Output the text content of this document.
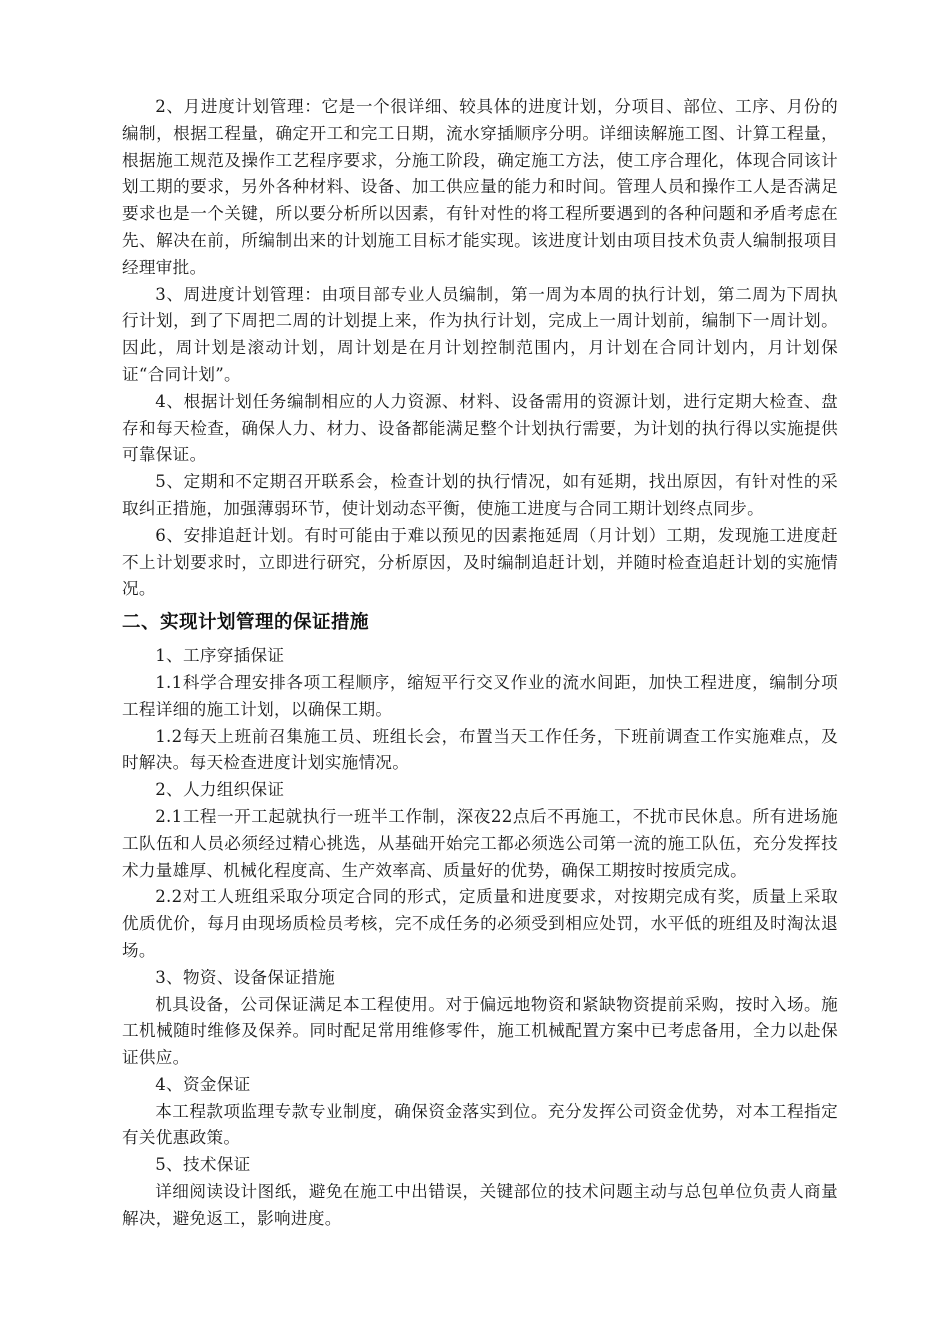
2、月进度计划管理：它是一个很详细、较具体的进度计划，分项目、部位、工序、月份的编制，根据工程量，确定开工和完工日期，流水穿插顺序分明。详细读解施工图、计算工程量，根据施工规范及操作工艺程序要求，分施工阶段，确定施工方法，使工序合理化，体现合同该计划工期的要求，另外各种材料、设备、加工供应量的能力和时间。管理人员和操作工人是否满足要求也是一个关键，所以要分析所以因素，有针对性的将工程所要遇到的各种问题和矛盾考虑在先、解决在前，所编制出来的计划施工目标才能实现。该进度计划由项目技术负责人编制报项目经理审批。

3、周进度计划管理：由项目部专业人员编制，第一周为本周的执行计划，第二周为下周执行计划，到了下周把二周的计划提上来，作为执行计划，完成上一周计划前，编制下一周计划。因此，周计划是滚动计划，周计划是在月计划控制范围内，月计划在合同计划内，月计划保证“合同计划”。

4、根据计划任务编制相应的人力资源、材料、设备需用的资源计划，进行定期大检查、盘存和每天检查，确保人力、材力、设备都能满足整个计划执行需要，为计划的执行得以实施提供可靠保证。

5、定期和不定期召开联系会，检查计划的执行情况，如有延期，找出原因，有针对性的采取纠正措施，加强薄弱环节，使计划动态平衡，使施工进度与合同工期计划终点同步。

6、安排追赶计划。有时可能由于难以预见的因素拖延周（月计划）工期，发现施工进度赶不上计划要求时，立即进行研究，分析原因，及时编制追赶计划，并随时检查追赶计划的实施情况。

二、实现计划管理的保证措施

1、工序穿插保证

1.1科学合理安排各项工程顺序，缩短平行交叉作业的流水间距，加快工程进度，编制分项工程详细的施工计划，以确保工期。

1.2每天上班前召集施工员、班组长会，布置当天工作任务，下班前调查工作实施难点，及时解决。每天检查进度计划实施情况。

2、人力组织保证

2.1工程一开工起就执行一班半工作制，深夜22点后不再施工，不扰市民休息。所有进场施工队伍和人员必须经过精心挑选，从基础开始完工都必须选公司第一流的施工队伍，充分发挥技术力量雄厚、机械化程度高、生产效率高、质量好的优势，确保工期按时按质完成。

2.2对工人班组采取分项定合同的形式，定质量和进度要求，对按期完成有奖，质量上采取优质优价，每月由现场质检员考核，完不成任务的必须受到相应处罚，水平低的班组及时淘汰退场。

3、物资、设备保证措施

机具设备，公司保证满足本工程使用。对于偏远地物资和紧缺物资提前采购，按时入场。施工机械随时维修及保养。同时配足常用维修零件，施工机械配置方案中已考虑备用，全力以赴保证供应。

4、资金保证

本工程款项监理专款专业制度，确保资金落实到位。充分发挥公司资金优势，对本工程指定有关优惠政策。

5、技术保证

详细阅读设计图纸，避免在施工中出错误，关键部位的技术问题主动与总包单位负责人商量解决，避免返工，影响进度。
